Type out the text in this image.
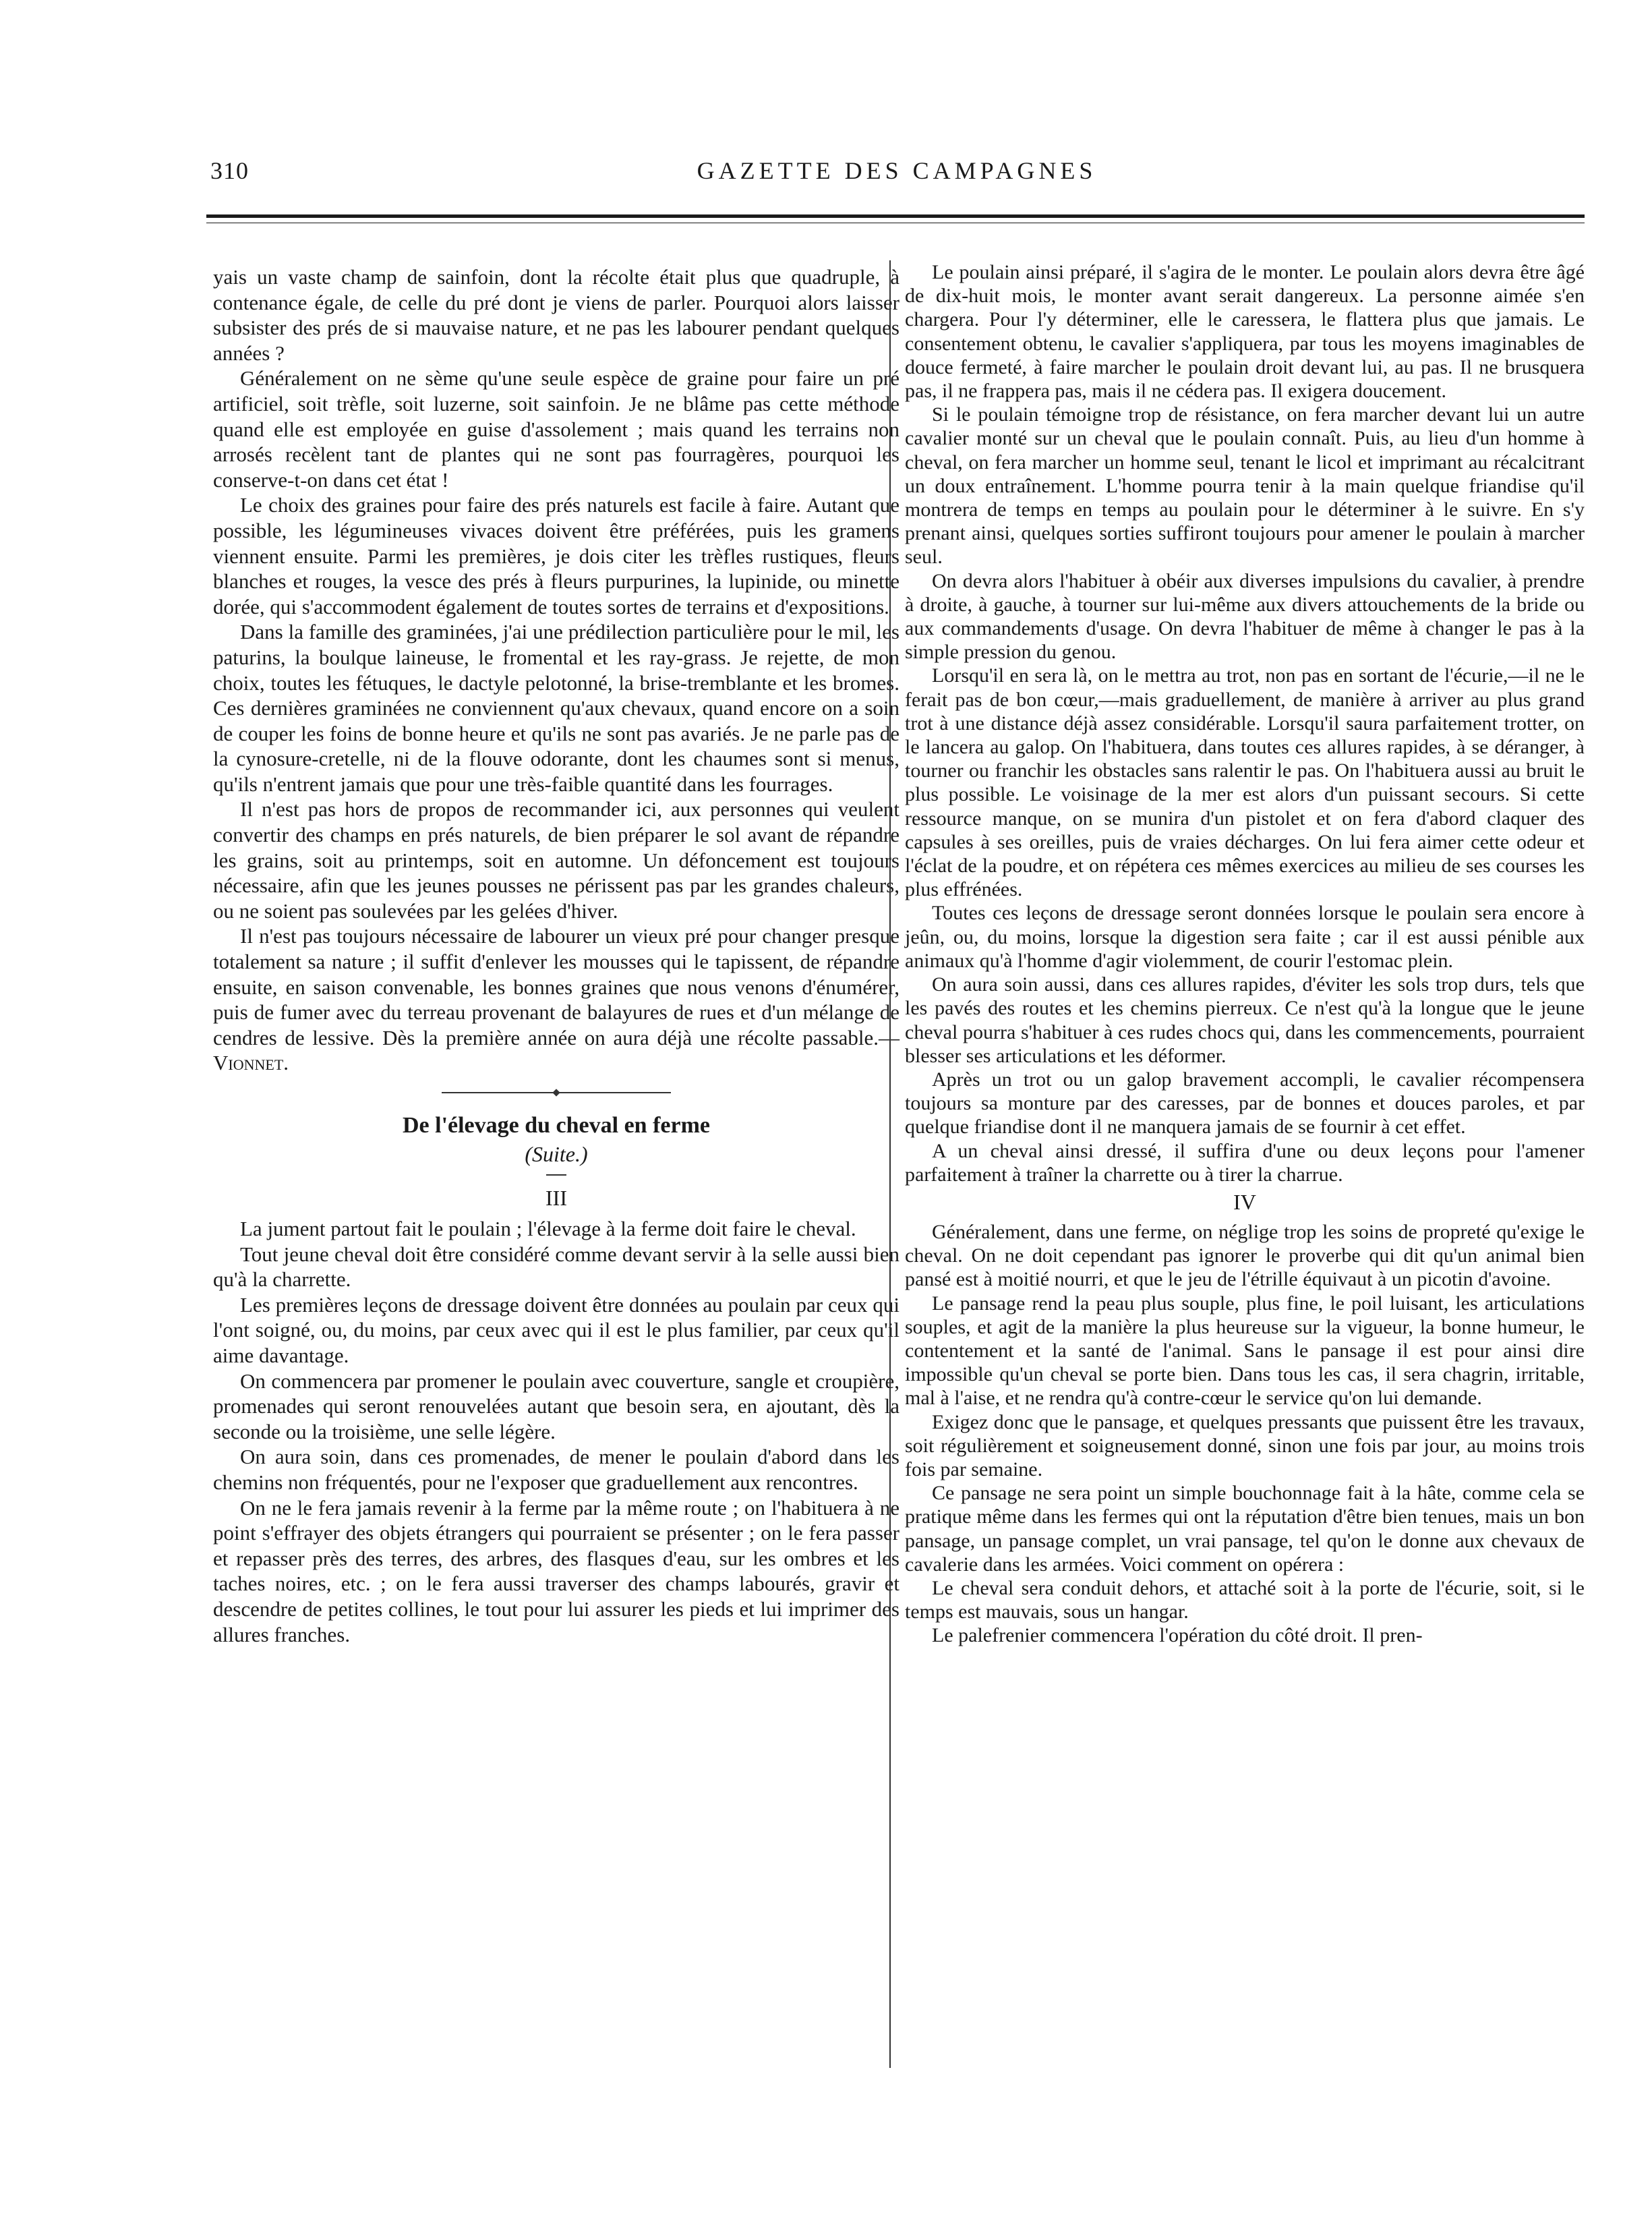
310	GAZETTE DES CAMPAGNES

yais un vaste champ de sainfoin, dont la récolte était plus que quadruple, à contenance égale, de celle du pré dont je viens de parler. Pourquoi alors laisser subsister des prés de si mauvaise nature, et ne pas les labourer pendant quelques années ?

Généralement on ne sème qu'une seule espèce de graine pour faire un pré artificiel, soit trèfle, soit luzerne, soit sainfoin. Je ne blâme pas cette méthode quand elle est employée en guise d'assolement ; mais quand les terrains non arrosés recèlent tant de plantes qui ne sont pas fourragères, pourquoi les conserve-t-on dans cet état !

Le choix des graines pour faire des prés naturels est facile à faire. Autant que possible, les légumineuses vivaces doivent être préférées, puis les gramens viennent ensuite. Parmi les premières, je dois citer les trèfles rustiques, fleurs blanches et rouges, la vesce des prés à fleurs purpurines, la lupinide, ou minette dorée, qui s'accommodent également de toutes sortes de terrains et d'expositions.

Dans la famille des graminées, j'ai une prédilection particulière pour le mil, les paturins, la boulque laineuse, le fromental et les ray-grass. Je rejette, de mon choix, toutes les fétuques, le dactyle pelotonné, la brise-tremblante et les bromes. Ces dernières graminées ne conviennent qu'aux chevaux, quand encore on a soin de couper les foins de bonne heure et qu'ils ne sont pas avariés. Je ne parle pas de la cynosure-cretelle, ni de la flouve odorante, dont les chaumes sont si menus, qu'ils n'entrent jamais que pour une très-faible quantité dans les fourrages.

Il n'est pas hors de propos de recommander ici, aux personnes qui veulent convertir des champs en prés naturels, de bien préparer le sol avant de répandre les grains, soit au printemps, soit en automne. Un défoncement est toujours nécessaire, afin que les jeunes pousses ne périssent pas par les grandes chaleurs, ou ne soient pas soulevées par les gelées d'hiver.

Il n'est pas toujours nécessaire de labourer un vieux pré pour changer presque totalement sa nature ; il suffit d'enlever les mousses qui le tapissent, de répandre ensuite, en saison convenable, les bonnes graines que nous venons d'énumérer, puis de fumer avec du terreau provenant de balayures de rues et d'un mélange de cendres de lessive. Dès la première année on aura déjà une récolte passable.—Vionnet.

De l'élevage du cheval en ferme
(Suite.)
III

La jument partout fait le poulain ; l'élevage à la ferme doit faire le cheval.

Tout jeune cheval doit être considéré comme devant servir à la selle aussi bien qu'à la charrette.

Les premières leçons de dressage doivent être données au poulain par ceux qui l'ont soigné, ou, du moins, par ceux avec qui il est le plus familier, par ceux qu'il aime davantage.

On commencera par promener le poulain avec couverture, sangle et croupière, promenades qui seront renouvelées autant que besoin sera, en ajoutant, dès la seconde ou la troisième, une selle légère.

On aura soin, dans ces promenades, de mener le poulain d'abord dans les chemins non fréquentés, pour ne l'exposer que graduellement aux rencontres.

On ne le fera jamais revenir à la ferme par la même route ; on l'habituera à ne point s'effrayer des objets étrangers qui pourraient se présenter ; on le fera passer et repasser près des terres, des arbres, des flasques d'eau, sur les ombres et les taches noires, etc. ; on le fera aussi traverser des champs labourés, gravir et descendre de petites collines, le tout pour lui assurer les pieds et lui imprimer des allures franches.

Le poulain ainsi préparé, il s'agira de le monter. Le poulain alors devra être âgé de dix-huit mois, le monter avant serait dangereux. La personne aimée s'en chargera. Pour l'y déterminer, elle le caressera, le flattera plus que jamais. Le consentement obtenu, le cavalier s'appliquera, par tous les moyens imaginables de douce fermeté, à faire marcher le poulain droit devant lui, au pas. Il ne brusquera pas, il ne frappera pas, mais il ne cédera pas. Il exigera doucement.

Si le poulain témoigne trop de résistance, on fera marcher devant lui un autre cavalier monté sur un cheval que le poulain connaît. Puis, au lieu d'un homme à cheval, on fera marcher un homme seul, tenant le licol et imprimant au récalcitrant un doux entraînement. L'homme pourra tenir à la main quelque friandise qu'il montrera de temps en temps au poulain pour le déterminer à le suivre. En s'y prenant ainsi, quelques sorties suffiront toujours pour amener le poulain à marcher seul.

On devra alors l'habituer à obéir aux diverses impulsions du cavalier, à prendre à droite, à gauche, à tourner sur lui-même aux divers attouchements de la bride ou aux commandements d'usage. On devra l'habituer de même à changer le pas à la simple pression du genou.

Lorsqu'il en sera là, on le mettra au trot, non pas en sortant de l'écurie,—il ne le ferait pas de bon cœur,—mais graduellement, de manière à arriver au plus grand trot à une distance déjà assez considérable. Lorsqu'il saura parfaitement trotter, on le lancera au galop. On l'habituera, dans toutes ces allures rapides, à se déranger, à tourner ou franchir les obstacles sans ralentir le pas. On l'habituera aussi au bruit le plus possible. Le voisinage de la mer est alors d'un puissant secours. Si cette ressource manque, on se munira d'un pistolet et on fera d'abord claquer des capsules à ses oreilles, puis de vraies décharges. On lui fera aimer cette odeur et l'éclat de la poudre, et on répétera ces mêmes exercices au milieu de ses courses les plus effrénées.

Toutes ces leçons de dressage seront données lorsque le poulain sera encore à jeûn, ou, du moins, lorsque la digestion sera faite ; car il est aussi pénible aux animaux qu'à l'homme d'agir violemment, de courir l'estomac plein.

On aura soin aussi, dans ces allures rapides, d'éviter les sols trop durs, tels que les pavés des routes et les chemins pierreux. Ce n'est qu'à la longue que le jeune cheval pourra s'habituer à ces rudes chocs qui, dans les commencements, pourraient blesser ses articulations et les déformer.

Après un trot ou un galop bravement accompli, le cavalier récompensera toujours sa monture par des caresses, par de bonnes et douces paroles, et par quelque friandise dont il ne manquera jamais de se fournir à cet effet.

A un cheval ainsi dressé, il suffira d'une ou deux leçons pour l'amener parfaitement à traîner la charrette ou à tirer la charrue.

IV

Généralement, dans une ferme, on néglige trop les soins de propreté qu'exige le cheval. On ne doit cependant pas ignorer le proverbe qui dit qu'un animal bien pansé est à moitié nourri, et que le jeu de l'étrille équivaut à un picotin d'avoine.

Le pansage rend la peau plus souple, plus fine, le poil luisant, les articulations souples, et agit de la manière la plus heureuse sur la vigueur, la bonne humeur, le contentement et la santé de l'animal. Sans le pansage il est pour ainsi dire impossible qu'un cheval se porte bien. Dans tous les cas, il sera chagrin, irritable, mal à l'aise, et ne rendra qu'à contre-cœur le service qu'on lui demande.

Exigez donc que le pansage, et quelques pressants que puissent être les travaux, soit régulièrement et soigneusement donné, sinon une fois par jour, au moins trois fois par semaine.

Ce pansage ne sera point un simple bouchonnage fait à la hâte, comme cela se pratique même dans les fermes qui ont la réputation d'être bien tenues, mais un bon pansage, un pansage complet, un vrai pansage, tel qu'on le donne aux chevaux de cavalerie dans les armées. Voici comment on opérera :

Le cheval sera conduit dehors, et attaché soit à la porte de l'écurie, soit, si le temps est mauvais, sous un hangar.

Le palefrenier commencera l'opération du côté droit. Il pren-
